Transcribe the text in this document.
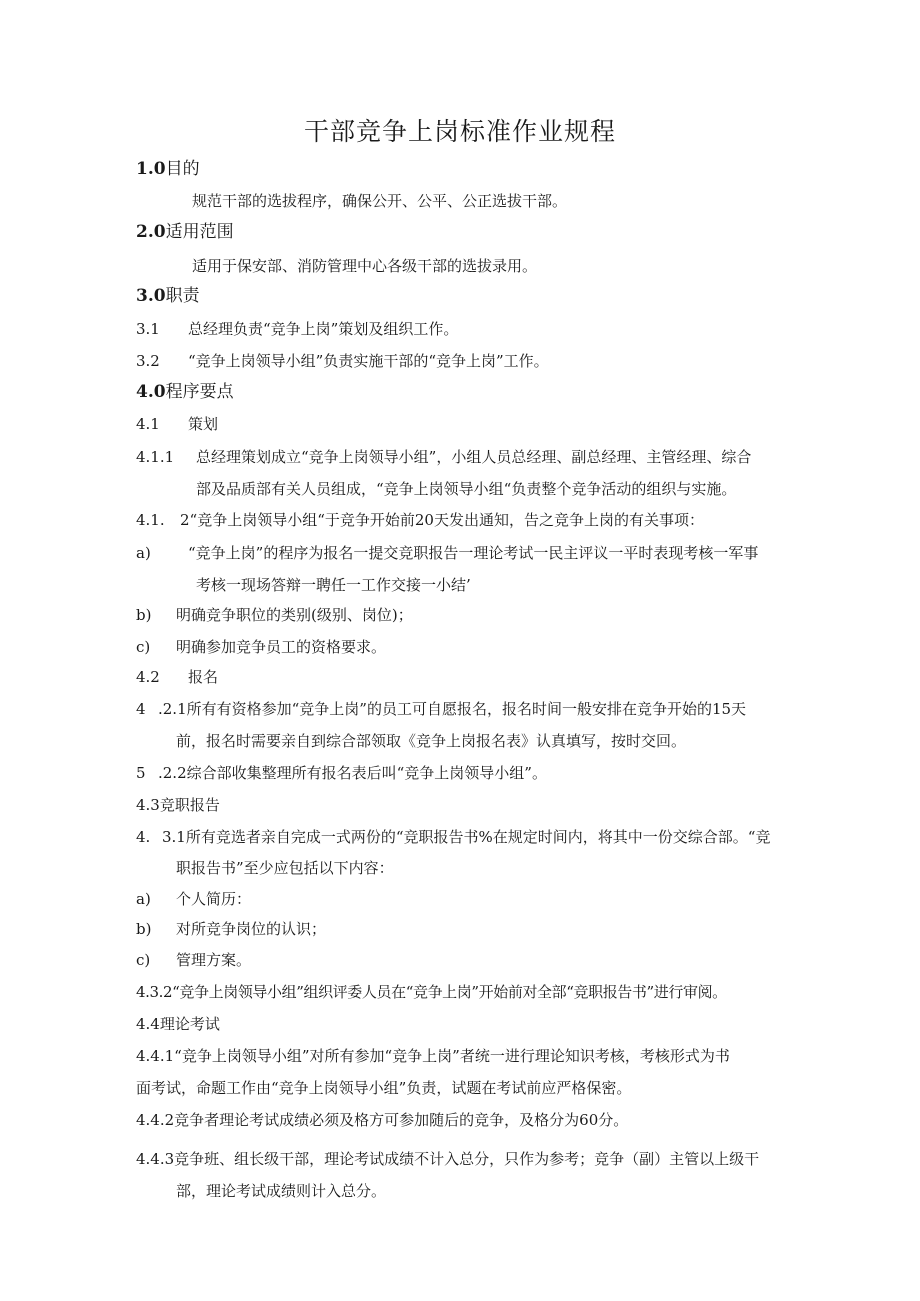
干部竞争上岗标准作业规程
1.0目的
规范干部的选拔程序，确保公开、公平、公正选拔干部。
2.0适用范围
适用于保安部、消防管理中心各级干部的选拔录用。
3.0职责
3.1 总经理负责“竞争上岗”策划及组织工作。
3.2 “竞争上岗领导小组”负责实施干部的“竞争上岗”工作。
4.0程序要点
4.1 策划
4.1.1 总经理策划成立“竞争上岗领导小组”，小组人员总经理、副总经理、主管经理、综合
部及品质部有关人员组成，“竞争上岗领导小组“负责整个竞争活动的组织与实施。
4.1. 2“竞争上岗领导小组“于竞争开始前20天发出通知，告之竞争上岗的有关事项：
a) “竞争上岗”的程序为报名一提交竞职报告一理论考试一民主评议一平时表现考核一军事
考核一现场答辩一聘任一工作交接一小结’
b) 明确竞争职位的类别(级别、岗位)；
c) 明确参加竞争员工的资格要求。
4.2 报名
4 .2.1所有有资格参加“竞争上岗”的员工可自愿报名，报名时间一般安排在竞争开始的15天
前，报名时需要亲自到综合部领取《竞争上岗报名表》认真填写，按时交回。
5 .2.2综合部收集整理所有报名表后叫“竞争上岗领导小组”。
4.3竞职报告
4. 3.1所有竞选者亲自完成一式两份的“竞职报告书%在规定时间内，将其中一份交综合部。“竞
职报告书”至少应包括以下内容：
a) 个人简历：
b) 对所竞争岗位的认识；
c) 管理方案。
4.3.2“竞争上岗领导小组”组织评委人员在“竞争上岗”开始前对全部“竞职报告书”进行审阅。
4.4理论考试
4.4.1“竞争上岗领导小组”对所有参加“竞争上岗”者统一进行理论知识考核，考核形式为书
面考试，命题工作由“竞争上岗领导小组”负责，试题在考试前应严格保密。
4.4.2竞争者理论考试成绩必须及格方可参加随后的竞争，及格分为60分。
4.4.3竞争班、组长级干部，理论考试成绩不计入总分，只作为参考；竞争（副）主管以上级干
部，理论考试成绩则计入总分。
